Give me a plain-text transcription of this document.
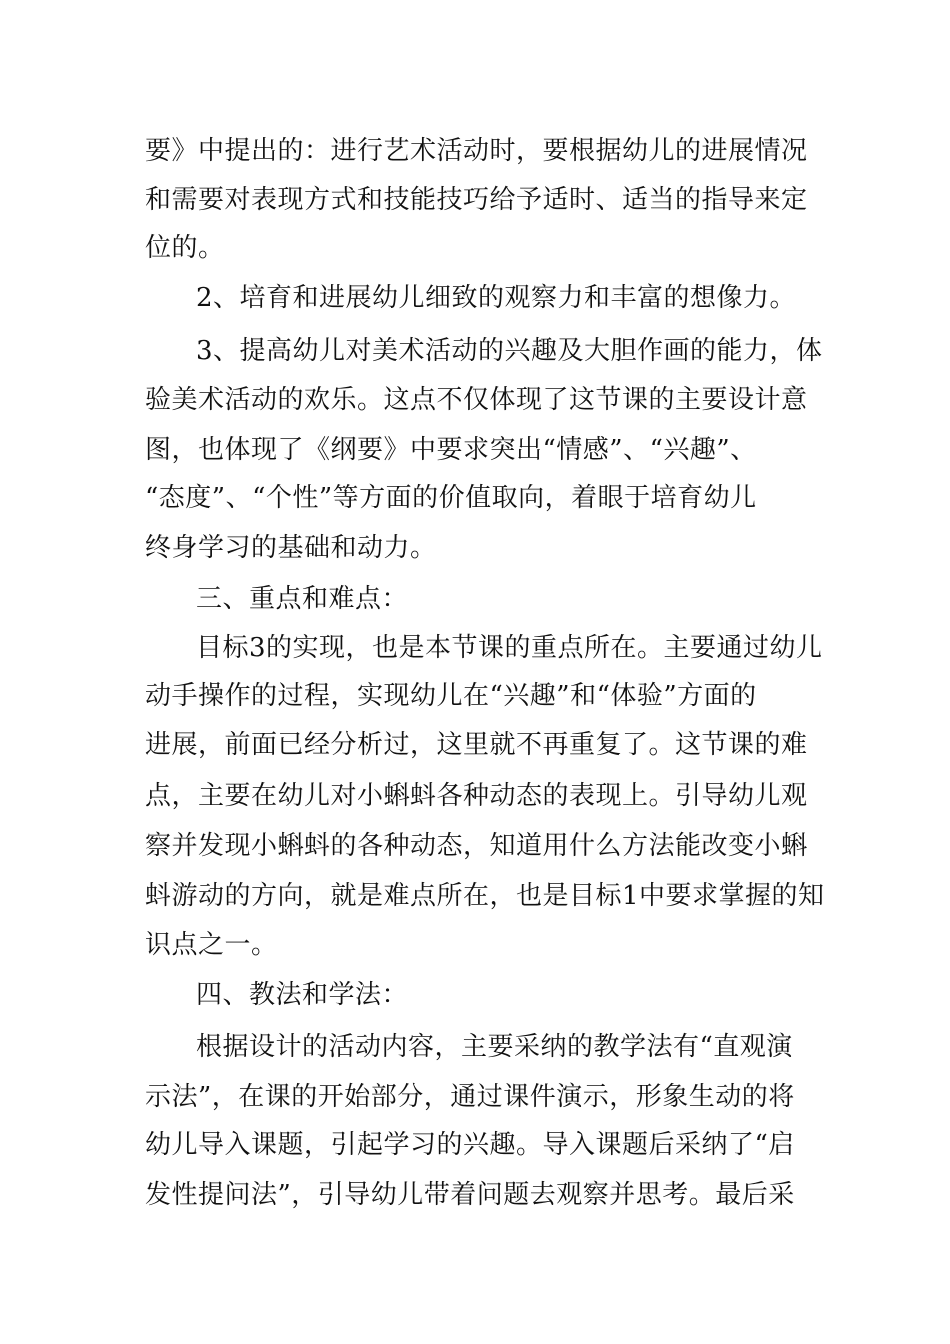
要》中提出的：进行艺术活动时，要根据幼儿的进展情况
和需要对表现方式和技能技巧给予适时、适当的指导来定
位的。
2、培育和进展幼儿细致的观察力和丰富的想像力。
3、提高幼儿对美术活动的兴趣及大胆作画的能力，体
验美术活动的欢乐。这点不仅体现了这节课的主要设计意
图，也体现了《纲要》中要求突出“情感”、“兴趣”、
“态度”、“个性”等方面的价值取向，着眼于培育幼儿
终身学习的基础和动力。
三、重点和难点：
目标3的实现，也是本节课的重点所在。主要通过幼儿
动手操作的过程，实现幼儿在“兴趣”和“体验”方面的
进展，前面已经分析过，这里就不再重复了。这节课的难
点，主要在幼儿对小蝌蚪各种动态的表现上。引导幼儿观
察并发现小蝌蚪的各种动态，知道用什么方法能改变小蝌
蚪游动的方向，就是难点所在，也是目标1中要求掌握的知
识点之一。
四、教法和学法：
根据设计的活动内容，主要采纳的教学法有“直观演
示法”，在课的开始部分，通过课件演示，形象生动的将
幼儿导入课题，引起学习的兴趣。导入课题后采纳了“启
发性提问法”，引导幼儿带着问题去观察并思考。最后采
